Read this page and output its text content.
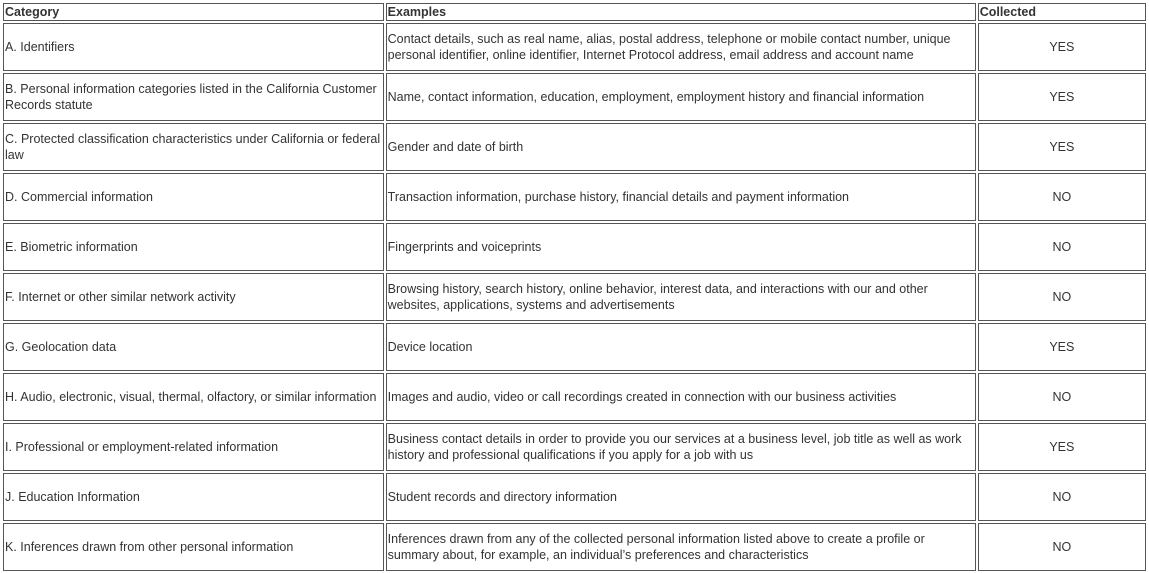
Category	Examples	Collected
A. Identifiers	Contact details, such as real name, alias, postal address, telephone or mobile contact number, unique personal identifier, online identifier, Internet Protocol address, email address and account name	YES
B. Personal information categories listed in the California Customer Records statute	Name, contact information, education, employment, employment history and financial information	YES
C. Protected classification characteristics under California or federal law	Gender and date of birth	YES
D. Commercial information	Transaction information, purchase history, financial details and payment information	NO
E. Biometric information	Fingerprints and voiceprints	NO
F. Internet or other similar network activity	Browsing history, search history, online behavior, interest data, and interactions with our and other websites, applications, systems and advertisements	NO
G. Geolocation data	Device location	YES
H. Audio, electronic, visual, thermal, olfactory, or similar information	Images and audio, video or call recordings created in connection with our business activities	NO
I. Professional or employment-related information	Business contact details in order to provide you our services at a business level, job title as well as work history and professional qualifications if you apply for a job with us	YES
J. Education Information	Student records and directory information	NO
K. Inferences drawn from other personal information	Inferences drawn from any of the collected personal information listed above to create a profile or summary about, for example, an individual’s preferences and characteristics	NO
